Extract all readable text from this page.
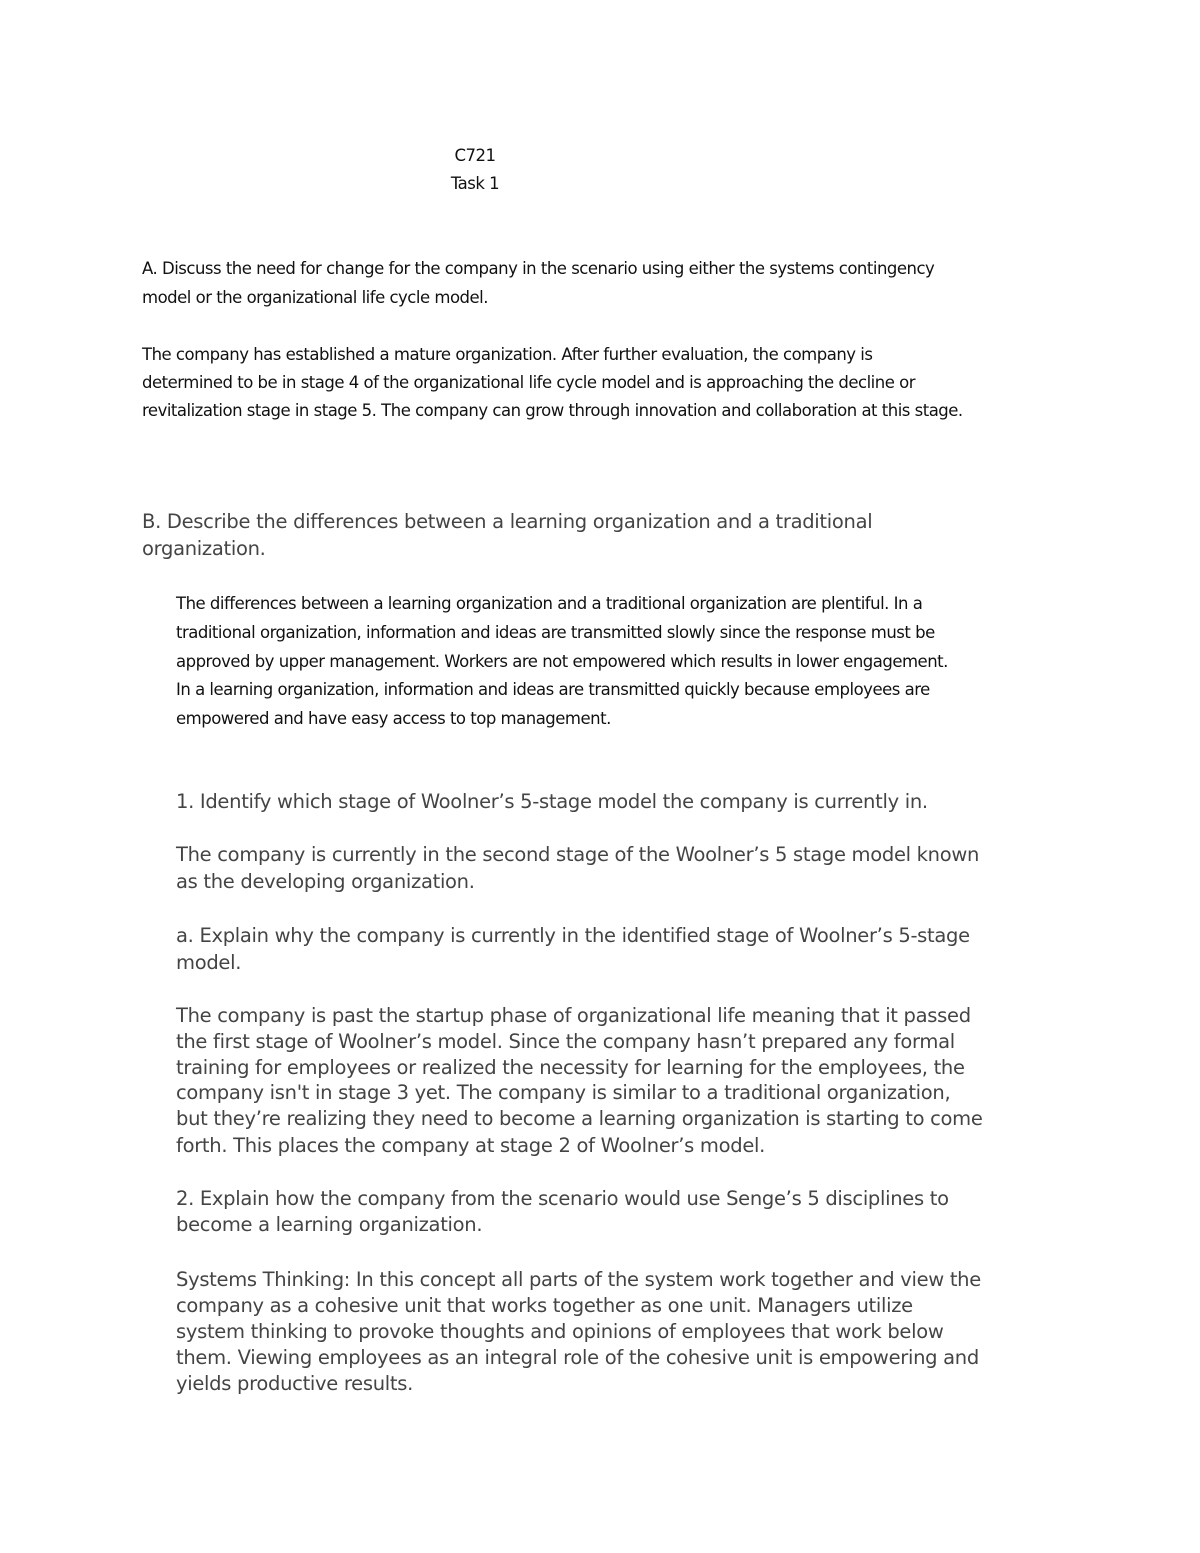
C721
Task 1
A. Discuss the need for change for the company in the scenario using either the systems contingency
model or the organizational life cycle model.
The company has established a mature organization. After further evaluation, the company is
determined to be in stage 4 of the organizational life cycle model and is approaching the decline or
revitalization stage in stage 5. The company can grow through innovation and collaboration at this stage.
B. Describe the differences between a learning organization and a traditional
organization.
The differences between a learning organization and a traditional organization are plentiful. In a
traditional organization, information and ideas are transmitted slowly since the response must be
approved by upper management. Workers are not empowered which results in lower engagement.
In a learning organization, information and ideas are transmitted quickly because employees are
empowered and have easy access to top management.
1. Identify which stage of Woolner’s 5-stage model the company is currently in.
The company is currently in the second stage of the Woolner’s 5 stage model known
as the developing organization.
a. Explain why the company is currently in the identified stage of Woolner’s 5-stage
model.
The company is past the startup phase of organizational life meaning that it passed
the first stage of Woolner’s model. Since the company hasn’t prepared any formal
training for employees or realized the necessity for learning for the employees, the
company isn't in stage 3 yet. The company is similar to a traditional organization,
but they’re realizing they need to become a learning organization is starting to come
forth. This places the company at stage 2 of Woolner’s model.
2. Explain how the company from the scenario would use Senge’s 5 disciplines to
become a learning organization.
Systems Thinking: In this concept all parts of the system work together and view the
company as a cohesive unit that works together as one unit. Managers utilize
system thinking to provoke thoughts and opinions of employees that work below
them. Viewing employees as an integral role of the cohesive unit is empowering and
yields productive results.
